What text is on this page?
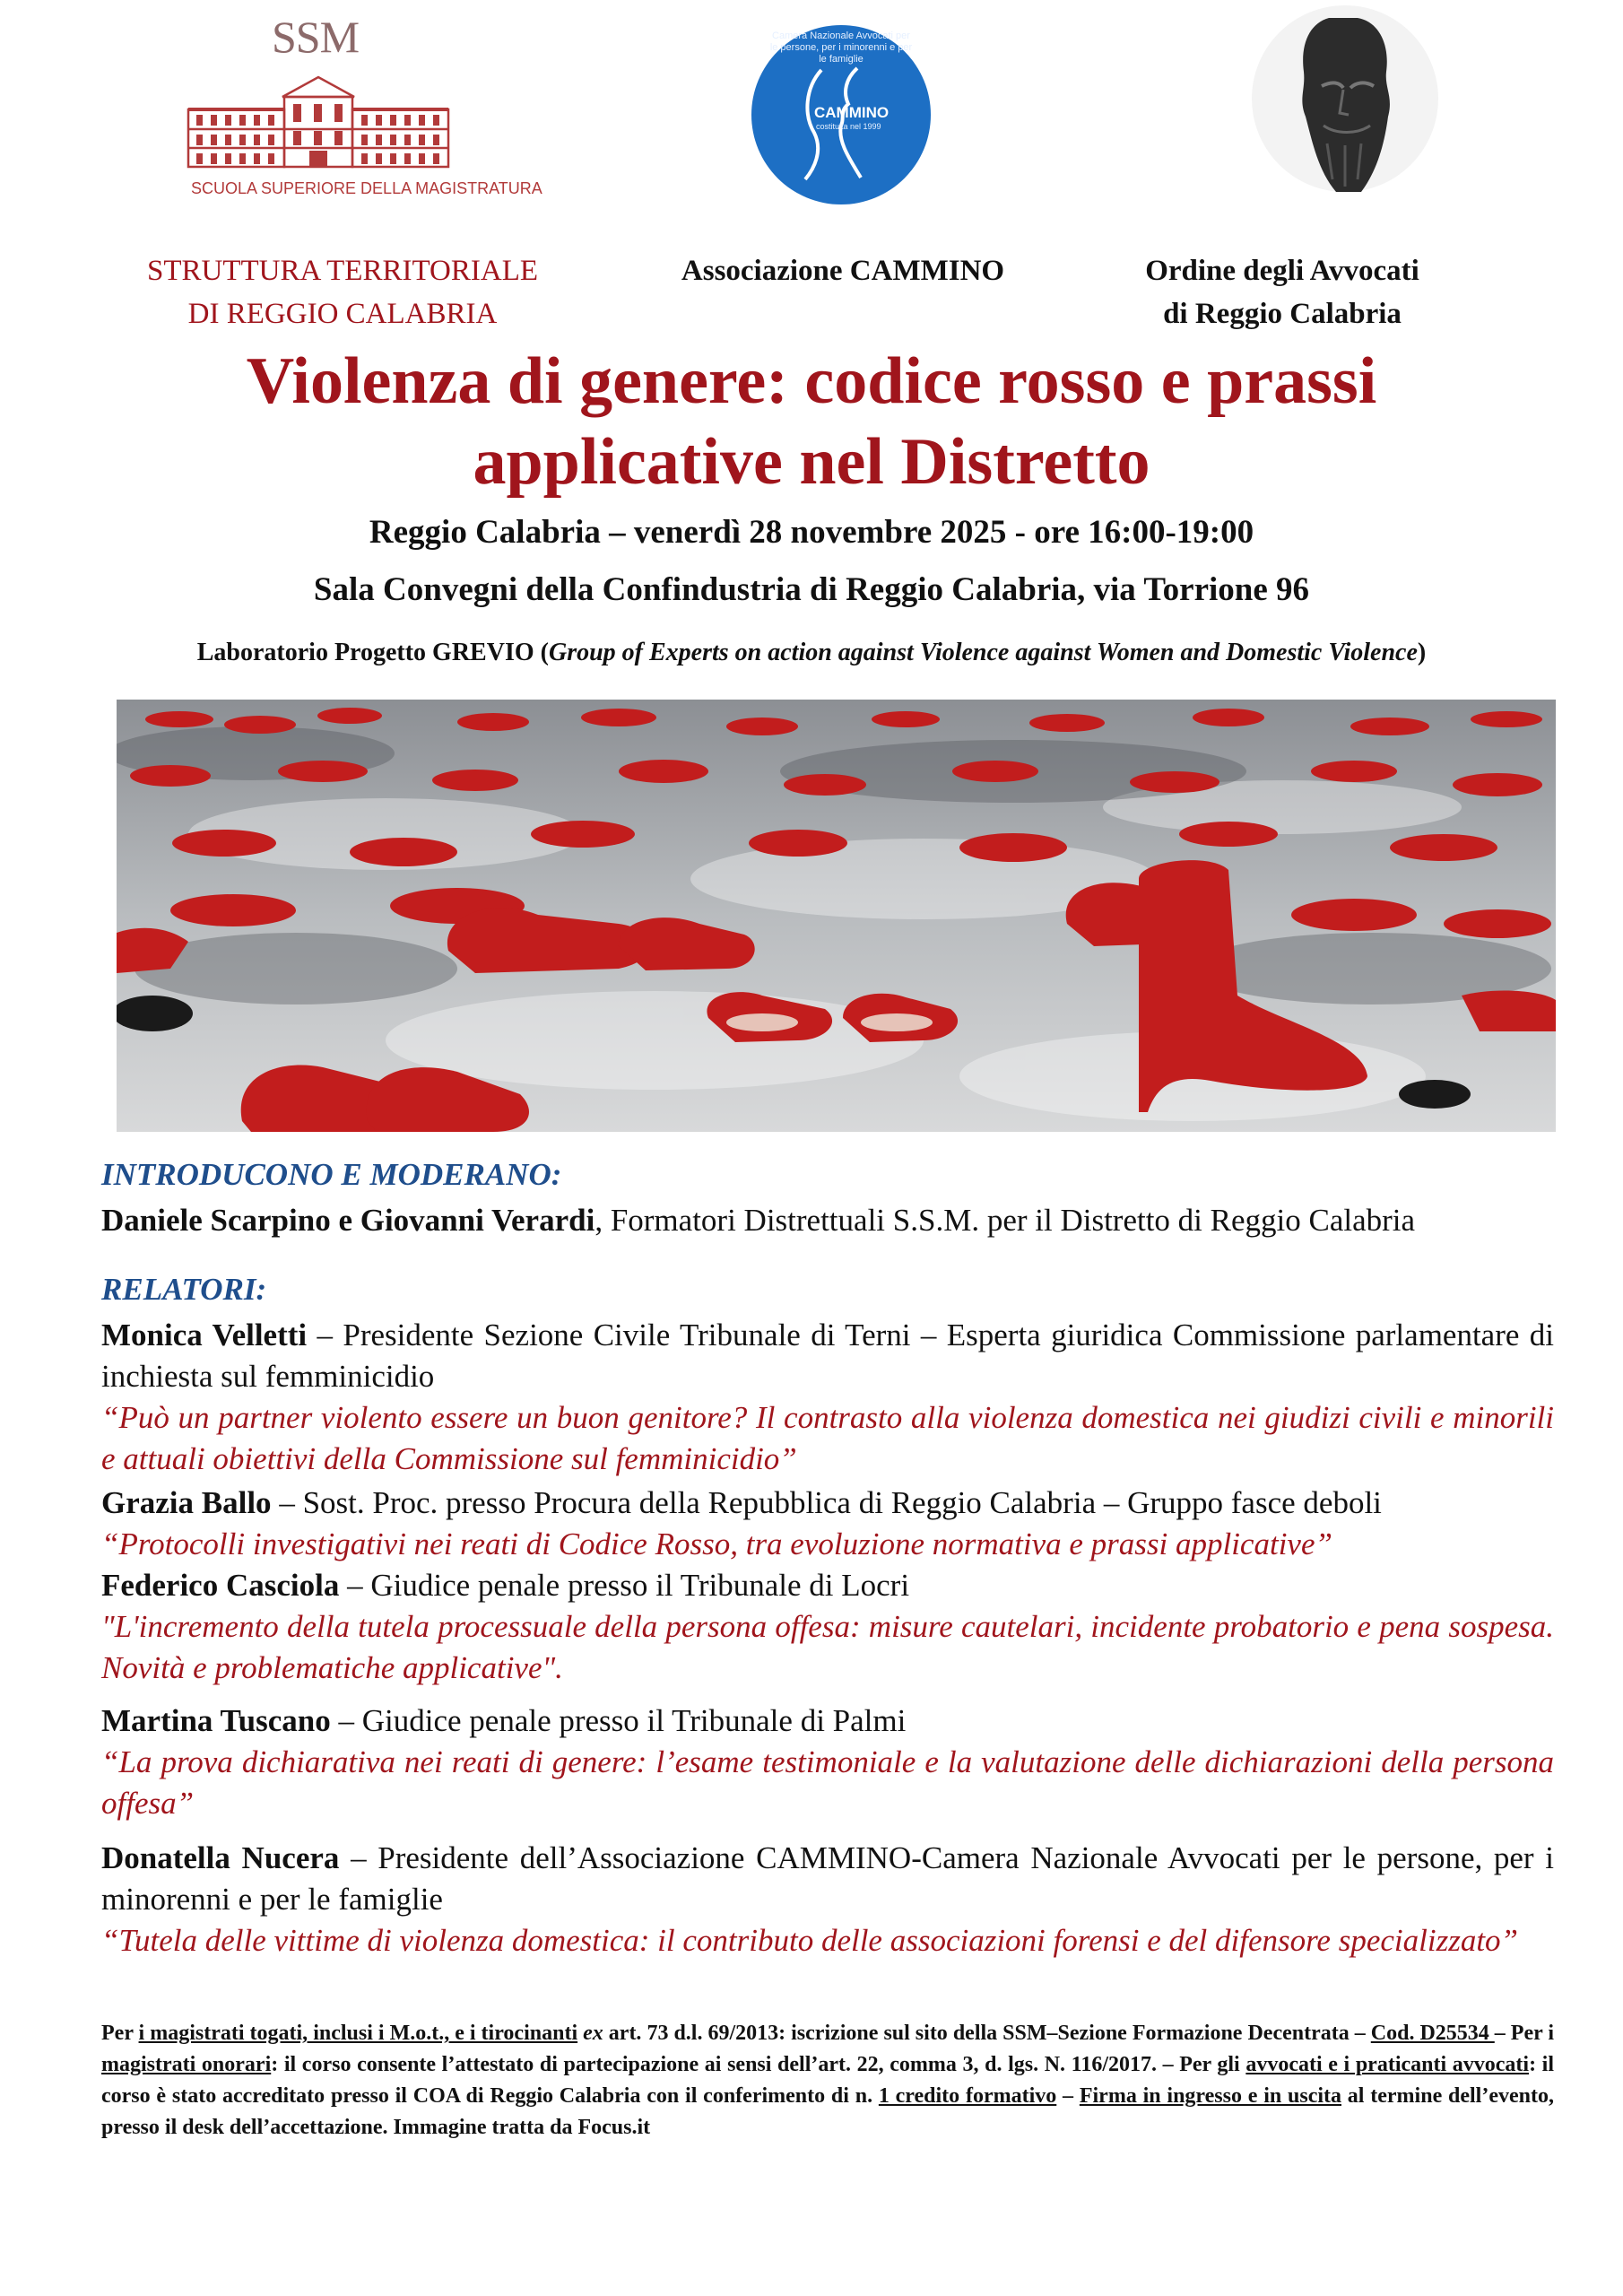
SSM
SCUOLA SUPERIORE DELLA MAGISTRATURA
Camera Nazionale Avvocati per le persone, per i minorenni e per le famiglie
CAMMINO
costituita nel 1999
STRUTTURA TERRITORIALE
DI REGGIO CALABRIA
Associazione CAMMINO	Ordine degli Avvocati
di Reggio Calabria
Violenza di genere: codice rosso e prassi
applicative nel Distretto
Reggio Calabria – venerdì 28 novembre 2025 - ore 16:00-19:00
Sala Convegni della Confindustria di Reggio Calabria, via Torrione 96
Laboratorio Progetto GREVIO (Group of Experts on action against Violence against Women and Domestic Violence)
INTRODUCONO E MODERANO:
Daniele Scarpino e Giovanni Verardi, Formatori Distrettuali S.S.M. per il Distretto di Reggio Calabria
RELATORI:
Monica Velletti – Presidente Sezione Civile Tribunale di Terni – Esperta giuridica Commissione parlamentare di inchiesta sul femminicidio
“Può un partner violento essere un buon genitore? Il contrasto alla violenza domestica nei giudizi civili e minorili e attuali obiettivi della Commissione sul femminicidio”
Grazia Ballo – Sost. Proc. presso Procura della Repubblica di Reggio Calabria – Gruppo fasce deboli
“Protocolli investigativi nei reati di Codice Rosso, tra evoluzione normativa e prassi applicative”
Federico Casciola – Giudice penale presso il Tribunale di Locri
"L'incremento della tutela processuale della persona offesa: misure cautelari, incidente probatorio e pena sospesa. Novità e problematiche applicative".
Martina Tuscano – Giudice penale presso il Tribunale di Palmi
“La prova dichiarativa nei reati di genere: l’esame testimoniale e la valutazione delle dichiarazioni della persona offesa”
Donatella Nucera – Presidente dell’Associazione CAMMINO-Camera Nazionale Avvocati per le persone, per i minorenni e per le famiglie
“Tutela delle vittime di violenza domestica: il contributo delle associazioni forensi e del difensore specializzato”
Per i magistrati togati, inclusi i M.o.t., e i tirocinanti ex art. 73 d.l. 69/2013: iscrizione sul sito della SSM–Sezione Formazione Decentrata – Cod. D25534 – Per i magistrati onorari: il corso consente l’attestato di partecipazione ai sensi dell’art. 22, comma 3, d. lgs. N. 116/2017. – Per gli avvocati e i praticanti avvocati: il corso è stato accreditato presso il COA di Reggio Calabria con il conferimento di n. 1 credito formativo – Firma in ingresso e in uscita al termine dell’evento, presso il desk dell’accettazione. Immagine tratta da Focus.it
